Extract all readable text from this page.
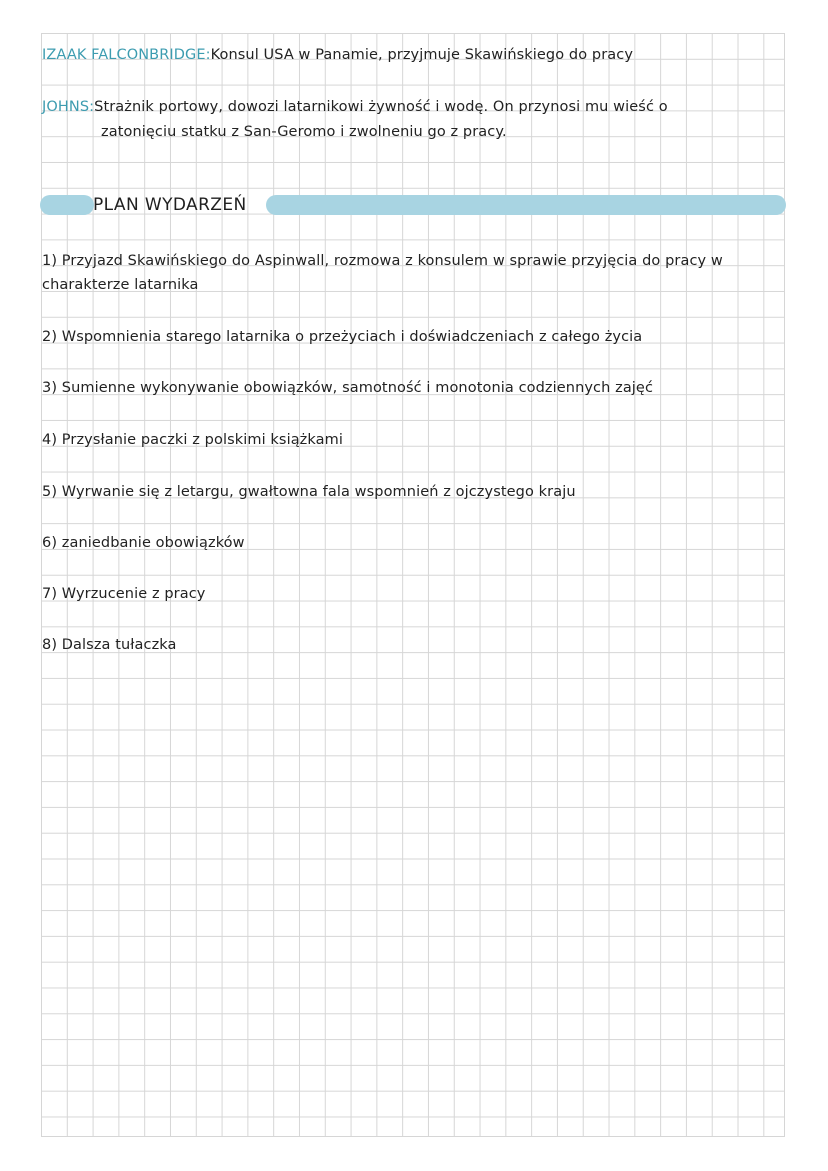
IZAAK FALCONBRIDGE:Konsul USA w Panamie, przyjmuje Skawińskiego do pracy
JOHNS:Strażnik portowy, dowozi latarnikowi żywność i wodę. On przynosi mu wieść o
zatonięciu statku z San-Geromo i zwolneniu go z pracy.
PLAN WYDARZEŃ
1) Przyjazd Skawińskiego do Aspinwall, rozmowa z konsulem w sprawie przyjęcia do pracy w
charakterze latarnika
2) Wspomnienia starego latarnika o przeżyciach i doświadczeniach z całego życia
3) Sumienne wykonywanie obowiązków, samotność i monotonia codziennych zajęć
4) Przysłanie paczki z polskimi książkami
5) Wyrwanie się z letargu, gwałtowna fala wspomnień z ojczystego kraju
6) zaniedbanie obowiązków
7) Wyrzucenie z pracy
8) Dalsza tułaczka
